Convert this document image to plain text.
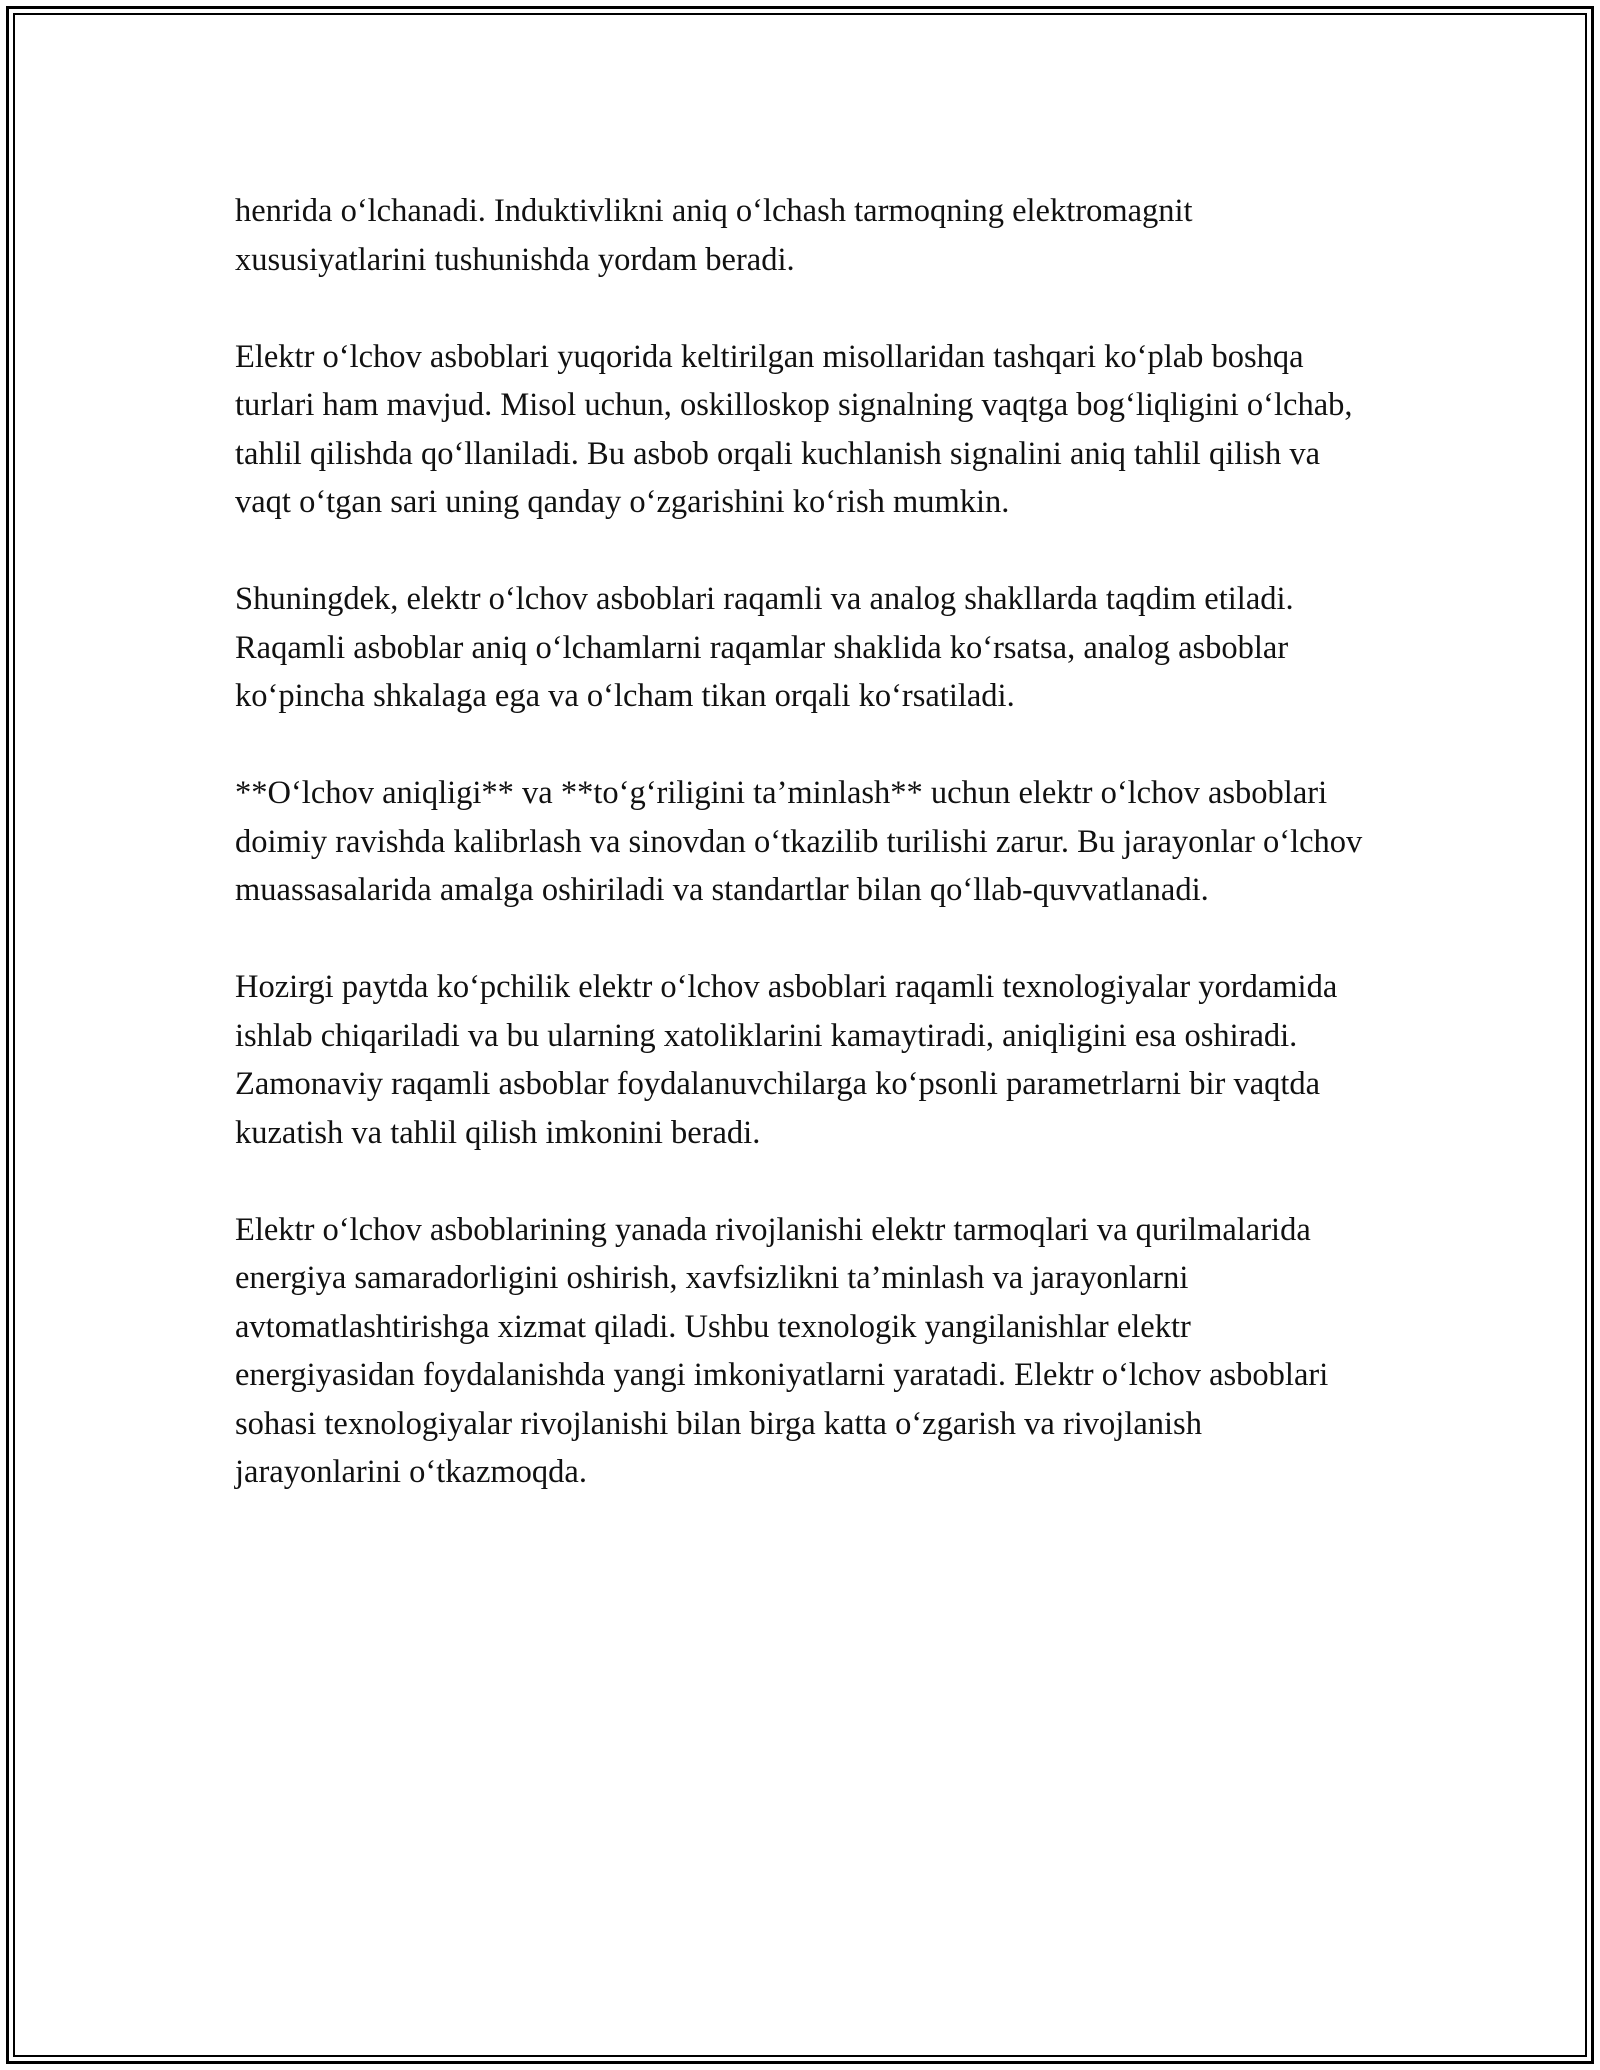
henrida o‘lchanadi. Induktivlikni aniq o‘lchash tarmoqning elektromagnit xususiyatlarini tushunishda yordam beradi.

Elektr o‘lchov asboblari yuqorida keltirilgan misollaridan tashqari ko‘plab boshqa turlari ham mavjud. Misol uchun, oskilloskop signalning vaqtga bog‘liqligini o‘lchab, tahlil qilishda qo‘llaniladi. Bu asbob orqali kuchlanish signalini aniq tahlil qilish va vaqt o‘tgan sari uning qanday o‘zgarishini ko‘rish mumkin.

Shuningdek, elektr o‘lchov asboblari raqamli va analog shakllarda taqdim etiladi. Raqamli asboblar aniq o‘lchamlarni raqamlar shaklida ko‘rsatsa, analog asboblar ko‘pincha shkalaga ega va o‘lcham tikan orqali ko‘rsatiladi.

**O‘lchov aniqligi** va **to‘g‘riligini ta’minlash** uchun elektr o‘lchov asboblari doimiy ravishda kalibrlash va sinovdan o‘tkazilib turilishi zarur. Bu jarayonlar o‘lchov muassasalarida amalga oshiriladi va standartlar bilan qo‘llab-quvvatlanadi.

Hozirgi paytda ko‘pchilik elektr o‘lchov asboblari raqamli texnologiyalar yordamida ishlab chiqariladi va bu ularning xatoliklarini kamaytiradi, aniqligini esa oshiradi. Zamonaviy raqamli asboblar foydalanuvchilarga ko‘psonli parametrlarni bir vaqtda kuzatish va tahlil qilish imkonini beradi.

Elektr o‘lchov asboblarining yanada rivojlanishi elektr tarmoqlari va qurilmalarida energiya samaradorligini oshirish, xavfsizlikni ta’minlash va jarayonlarni avtomatlashtirishga xizmat qiladi. Ushbu texnologik yangilanishlar elektr energiyasidan foydalanishda yangi imkoniyatlarni yaratadi. Elektr o‘lchov asboblari sohasi texnologiyalar rivojlanishi bilan birga katta o‘zgarish va rivojlanish jarayonlarini o‘tkazmoqda.
